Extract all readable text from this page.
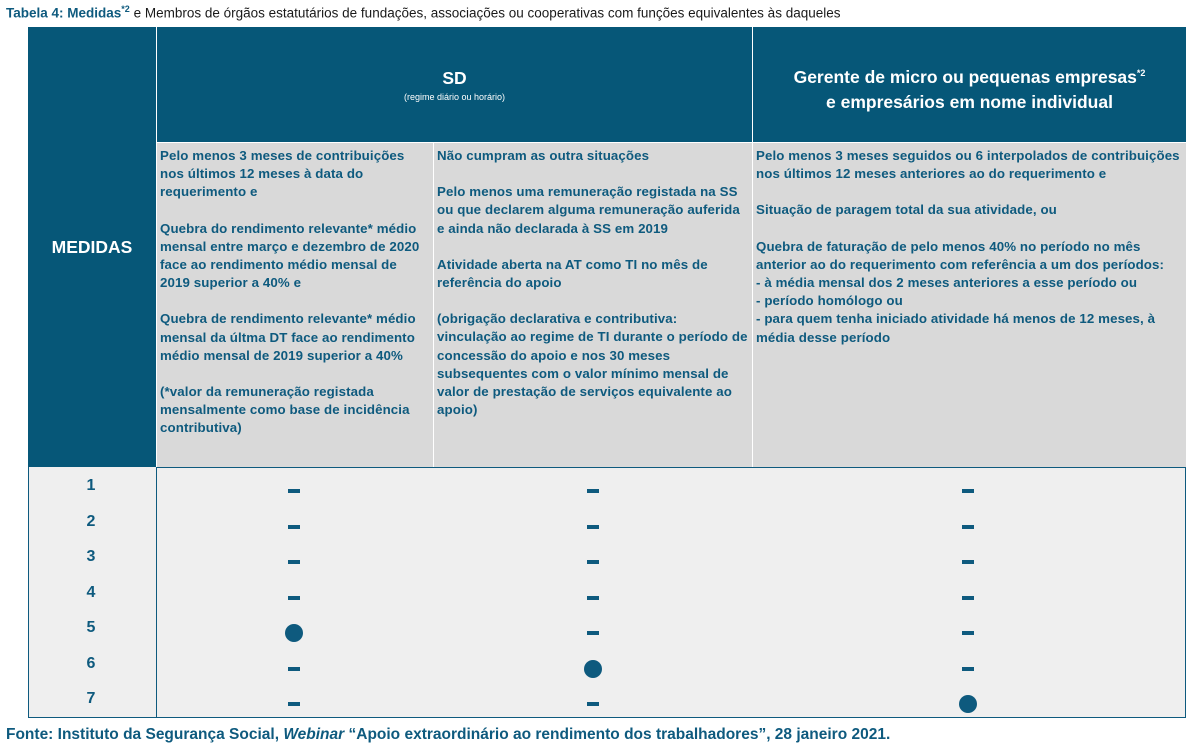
Tabela 4: Medidas$^{*2}$ e Membros de órgãos estatutários de fundações, associações ou cooperativas com funções equivalentes às daqueles
MEDIDAS
SD
(regime diário ou horário)
Gerente de micro ou pequenas empresas$^{*2}$
e empresários em nome individual

Pelo menos 3 meses de contribuições nos últimos 12 meses à data do requerimento e

Quebra do rendimento relevante* médio mensal entre março e dezembro de 2020 face ao rendimento médio mensal de 2019 superior a 40% e

Quebra de rendimento relevante* médio mensal da últma DT face ao rendimento médio mensal de 2019 superior a 40%

(*valor da remuneração registada mensalmente como base de incidência contributiva)

Não cumpram as outra situações

Pelo menos uma remuneração registada na SS ou que declarem alguma remuneração auferida e ainda não declarada à SS em 2019

Atividade aberta na AT como TI no mês de referência do apoio

(obrigação declarativa e contributiva: vinculação ao regime de TI durante o período de concessão do apoio e nos 30 meses subsequentes com o valor mínimo mensal de valor de prestação de serviços equivalente ao apoio)

Pelo menos 3 meses seguidos ou 6 interpolados de contribuições nos últimos 12 meses anteriores ao do requerimento e

Situação de paragem total da sua atividade, ou

Quebra de faturação de pelo menos 40% no período no mês anterior ao do requerimento com referência a um dos períodos:
- à média mensal dos 2 meses anteriores a esse período ou
- período homólogo ou
- para quem tenha iniciado atividade há menos de 12 meses, à média desse período

1
2
3
4
5
6
7
Fonte: Instituto da Segurança Social, Webinar “Apoio extraordinário ao rendimento dos trabalhadores”, 28 janeiro 2021.
